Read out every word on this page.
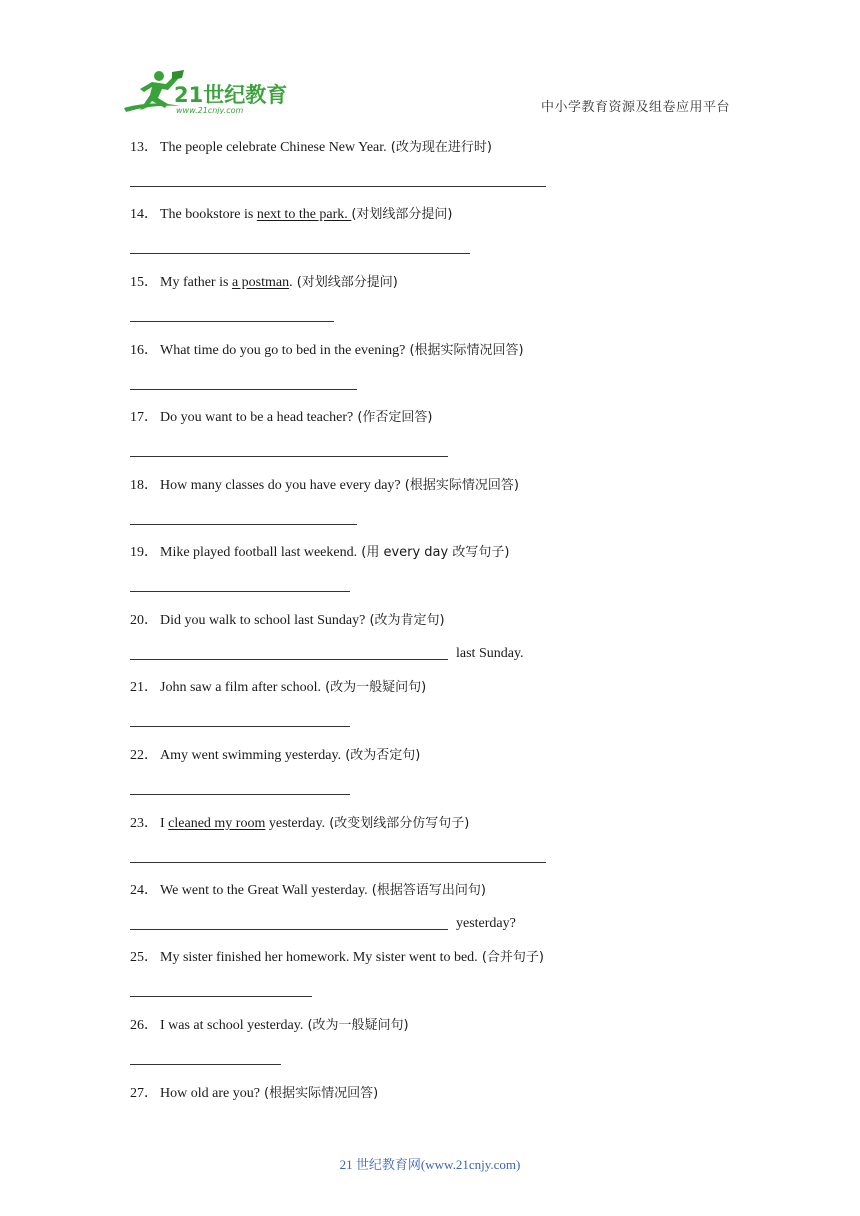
21世纪教育
www.21cnjy.com	中小学教育资源及组卷应用平台
13． The people celebrate Chinese New Year. (改为现在进行时)
14． The bookstore is next to the park. (对划线部分提问)
15． My father is a postman. (对划线部分提问)
16． What time do you go to bed in the evening? (根据实际情况回答)
17． Do you want to be a head teacher? (作否定回答)
18． How many classes do you have every day? (根据实际情况回答)
19． Mike played football last weekend. (用 every day 改写句子)
20． Did you walk to school last Sunday? (改为肯定句)
last Sunday.
21． John saw a film after school. (改为一般疑问句)
22． Amy went swimming yesterday. (改为否定句)
23． I cleaned my room yesterday. (改变划线部分仿写句子)
24． We went to the Great Wall yesterday. (根据答语写出问句)
yesterday?
25． My sister finished her homework. My sister went to bed. (合并句子)
26． I was at school yesterday. (改为一般疑问句)
27． How old are you? (根据实际情况回答)
21 世纪教育网(www.21cnjy.com)
